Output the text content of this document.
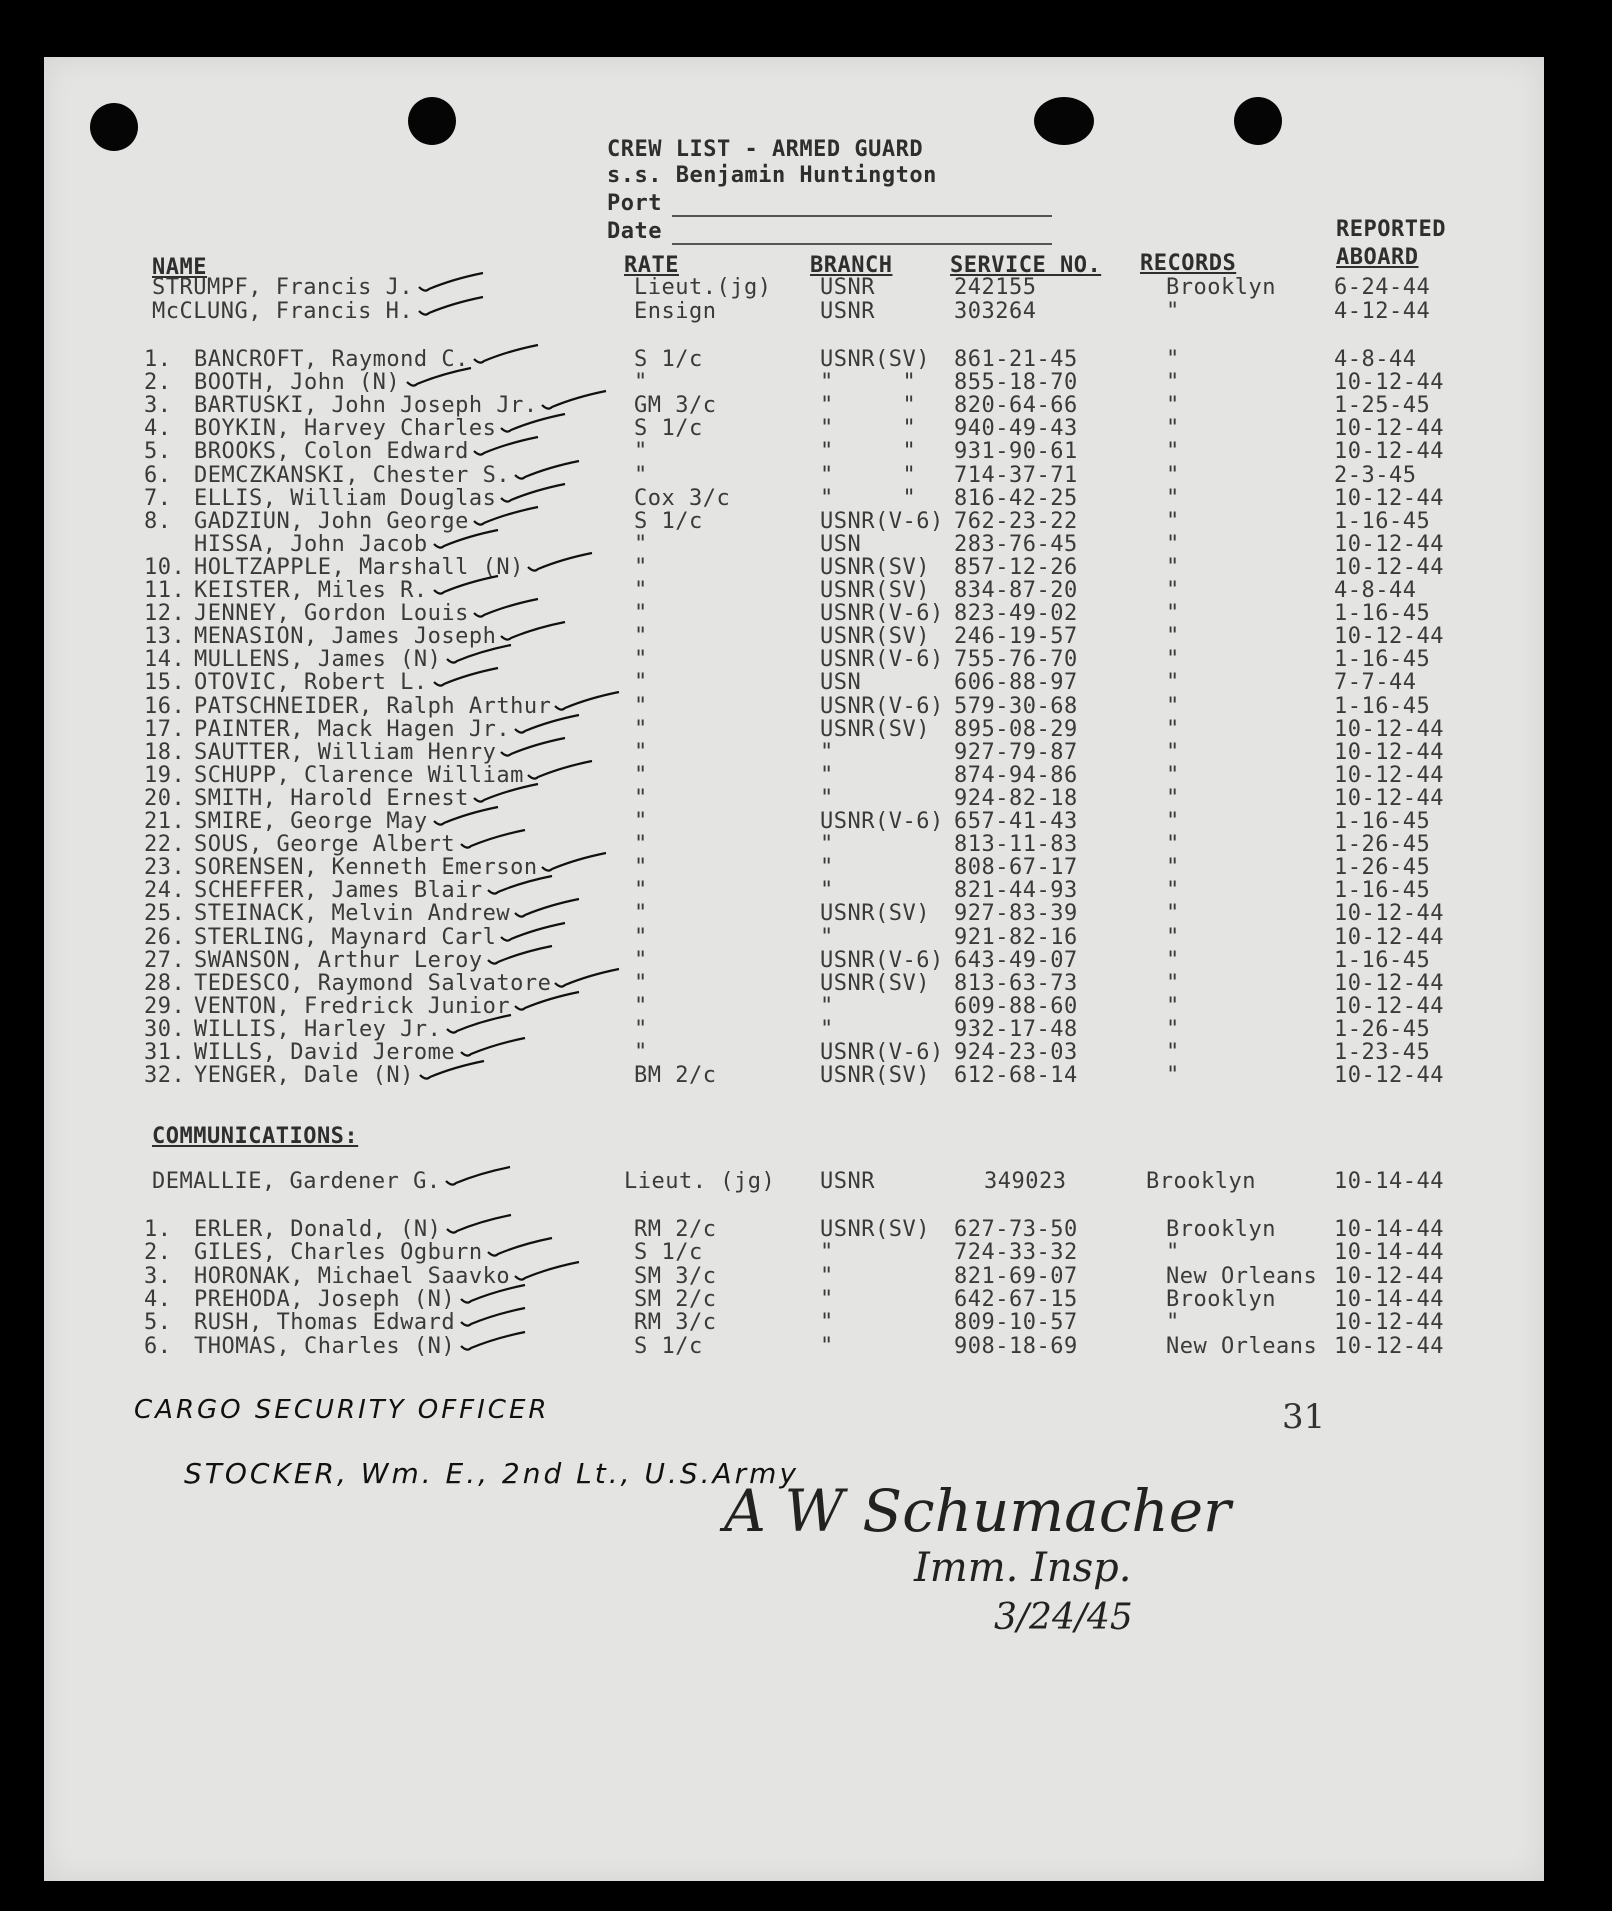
CREW LIST - ARMED GUARD
s.s. Benjamin Huntington
Port
Date
NAME	RATE	BRANCH	SERVICE NO. RECORDS
REPORTED
ABOARD
STRUMPF, Francis J.	Lieut.(jg) USNR	242155	Brooklyn	6-24-44
McCLUNG, Francis H.	Ensign	USNR	303264	"	4-12-44
1. BANCROFT, Raymond C.	S 1/c	USNR(SV) 861-21-45	"	4-8-44
2. BOOTH, John (N)	"	"     " 855-18-70	"	10-12-44
3. BARTUSKI, John Joseph Jr.	GM 3/c	"     " 820-64-66	"	1-25-45
4. BOYKIN, Harvey Charles	S 1/c	"     " 940-49-43	"	10-12-44
5. BROOKS, Colon Edward	"	"     " 931-90-61	"	10-12-44
6. DEMCZKANSKI, Chester S.	"	"     " 714-37-71	"	2-3-45
7. ELLIS, William Douglas	Cox 3/c	"     " 816-42-25	"	10-12-44
8. GADZIUN, John George	S 1/c	USNR(V-6) 762-23-22	"	1-16-45
HISSA, John Jacob	"	USN	283-76-45	"	10-12-44
10. HOLTZAPPLE, Marshall (N)	"	USNR(SV) 857-12-26	"	10-12-44
11. KEISTER, Miles R.	"	USNR(SV) 834-87-20	"	4-8-44
12. JENNEY, Gordon Louis	"	USNR(V-6) 823-49-02	"	1-16-45
13. MENASION, James Joseph	"	USNR(SV) 246-19-57	"	10-12-44
14. MULLENS, James (N)	"	USNR(V-6) 755-76-70	"	1-16-45
15. OTOVIC, Robert L.	"	USN	606-88-97	"	7-7-44
16. PATSCHNEIDER, Ralph Arthur	"	USNR(V-6) 579-30-68	"	1-16-45
17. PAINTER, Mack Hagen Jr.	"	USNR(SV) 895-08-29	"	10-12-44
18. SAUTTER, William Henry	"	"	927-79-87	"	10-12-44
19. SCHUPP, Clarence William	"	"	874-94-86	"	10-12-44
20. SMITH, Harold Ernest	"	"	924-82-18	"	10-12-44
21. SMIRE, George May	"	USNR(V-6) 657-41-43	"	1-16-45
22. SOUS, George Albert	"	"	813-11-83	"	1-26-45
23. SORENSEN, Kenneth Emerson	"	"	808-67-17	"	1-26-45
24. SCHEFFER, James Blair	"	"	821-44-93	"	1-16-45
25. STEINACK, Melvin Andrew	"	USNR(SV) 927-83-39	"	10-12-44
26. STERLING, Maynard Carl	"	"	921-82-16	"	10-12-44
27. SWANSON, Arthur Leroy	"	USNR(V-6) 643-49-07	"	1-16-45
28. TEDESCO, Raymond Salvatore	"	USNR(SV) 813-63-73	"	10-12-44
29. VENTON, Fredrick Junior	"	"	609-88-60	"	10-12-44
30. WILLIS, Harley Jr.	"	"	932-17-48	"	1-26-45
31. WILLS, David Jerome	"	USNR(V-6) 924-23-03	"	1-23-45
32. YENGER, Dale (N)	BM 2/c	USNR(SV) 612-68-14	"	10-12-44
COMMUNICATIONS:
DEMALLIE, Gardener G.	Lieut. (jg) USNR	349023	Brooklyn	10-14-44
1. ERLER, Donald, (N)	RM 2/c	USNR(SV) 627-73-50	Brooklyn	10-14-44
2. GILES, Charles Ogburn	S 1/c	"	724-33-32	"	10-14-44
3. HORONAK, Michael Saavko	SM 3/c	"	821-69-07	New Orleans 10-12-44
4. PREHODA, Joseph (N)	SM 2/c	"	642-67-15	Brooklyn	10-14-44
5. RUSH, Thomas Edward	RM 3/c	"	809-10-57	"	10-12-44
6. THOMAS, Charles (N)	S 1/c	"	908-18-69	New Orleans 10-12-44
CARGO SECURITY OFFICER
STOCKER, Wm. E., 2nd Lt., U.S.Army
31
A W Schumacher
Imm. Insp.
3/24/45
